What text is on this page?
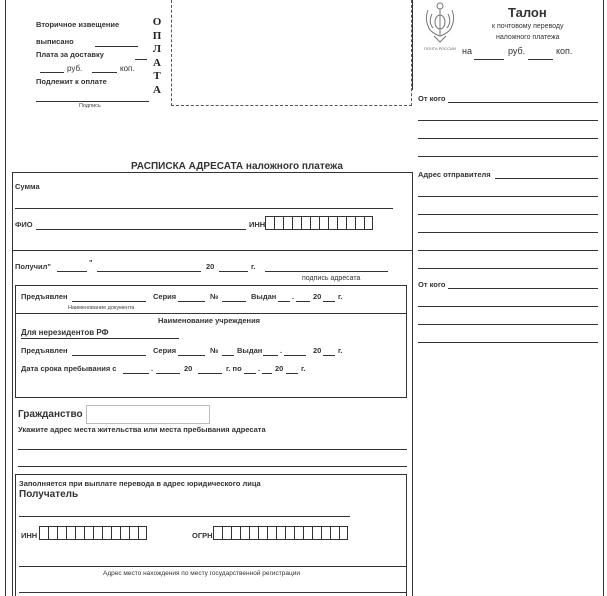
Вторичное извещение
выписано
Плата за доставку
руб.	коп.
Подлежит к оплате
Подпись
О
П
Л
А
Т
А
ПОЧТА РОССИИ
Талон
к почтовому переводу
наложного платежа
на	руб.	коп.
От кого
Адрес отправителя
От кого
РАСПИСКА АДРЕСАТА наложного платежа
Сумма
ФИО	ИНН
Получил"	"	20	г.
подпись адресата
Предъявлен
Наименование документа
Серия	№	Выдан .	20 г.
Наименование учреждения
Для нерезидентов РФ
Предъявлен	Серия	№ Выдан .	20 г.
Дата срока пребывания с	.	20	г. по . 20 г.
Гражданство
Укажите адрес места жительства или места пребывания адресата
Заполняется при выплате перевода в адрес юридического лица
Получатель
ИНН	ОГРН
Адрес место нахождения по месту государственной регистрации
